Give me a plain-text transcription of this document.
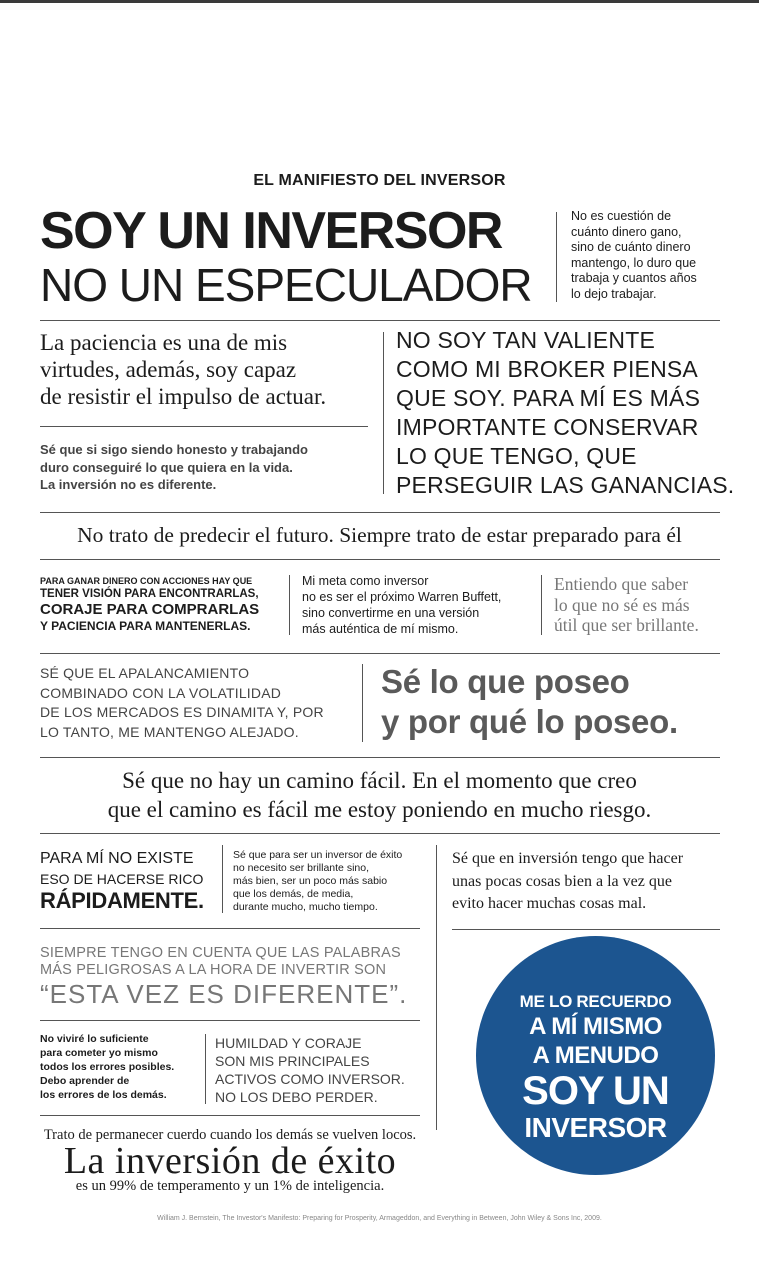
EL MANIFIESTO DEL INVERSOR
SOY UN INVERSOR
NO UN ESPECULADOR
No es cuestión de
cuánto dinero gano,
sino de cuánto dinero
mantengo, lo duro que
trabaja y cuantos años
lo dejo trabajar.
La paciencia es una de mis
virtudes, además, soy capaz
de resistir el impulso de actuar.
Sé que si sigo siendo honesto y trabajando
duro conseguiré lo que quiera en la vida.
La inversión no es diferente.
NO SOY TAN VALIENTE
COMO MI BROKER PIENSA
QUE SOY. PARA MÍ ES MÁS
IMPORTANTE CONSERVAR
LO QUE TENGO, QUE
PERSEGUIR LAS GANANCIAS.
No trato de predecir el futuro. Siempre trato de estar preparado para él
PARA GANAR DINERO CON ACCIONES HAY QUE
TENER VISIÓN PARA ENCONTRARLAS,
CORAJE PARA COMPRARLAS
Y PACIENCIA PARA MANTENERLAS.
Mi meta como inversor
no es ser el próximo Warren Buffett,
sino convertirme en una versión
más auténtica de mí mismo.
Entiendo que saber
lo que no sé es más
útil que ser brillante.
SÉ QUE EL APALANCAMIENTO
COMBINADO CON LA VOLATILIDAD
DE LOS MERCADOS ES DINAMITA Y, POR
LO TANTO, ME MANTENGO ALEJADO.
Sé lo que poseo
y por qué lo poseo.
Sé que no hay un camino fácil. En el momento que creo
que el camino es fácil me estoy poniendo en mucho riesgo.
PARA MÍ NO EXISTE
ESO DE HACERSE RICO
RÁPIDAMENTE.
Sé que para ser un inversor de éxito
no necesito ser brillante sino,
más bien, ser un poco más sabio
que los demás, de media,
durante mucho, mucho tiempo.
Sé que en inversión tengo que hacer
unas pocas cosas bien a la vez que
evito hacer muchas cosas mal.
SIEMPRE TENGO EN CUENTA QUE LAS PALABRAS
MÁS PELIGROSAS A LA HORA DE INVERTIR SON
“ESTA VEZ ES DIFERENTE”.
No viviré lo suficiente
para cometer yo mismo
todos los errores posibles.
Debo aprender de
los errores de los demás.
HUMILDAD Y CORAJE
SON MIS PRINCIPALES
ACTIVOS COMO INVERSOR.
NO LOS DEBO PERDER.
Trato de permanecer cuerdo cuando los demás se vuelven locos.
La inversión de éxito
es un 99% de temperamento y un 1% de inteligencia.
ME LO RECUERDO
A MÍ MISMO
A MENUDO
SOY UN
INVERSOR
William J. Bernstein, The Investor's Manifesto: Preparing for Prosperity, Armageddon, and Everything in Between, John Wiley & Sons Inc, 2009.
